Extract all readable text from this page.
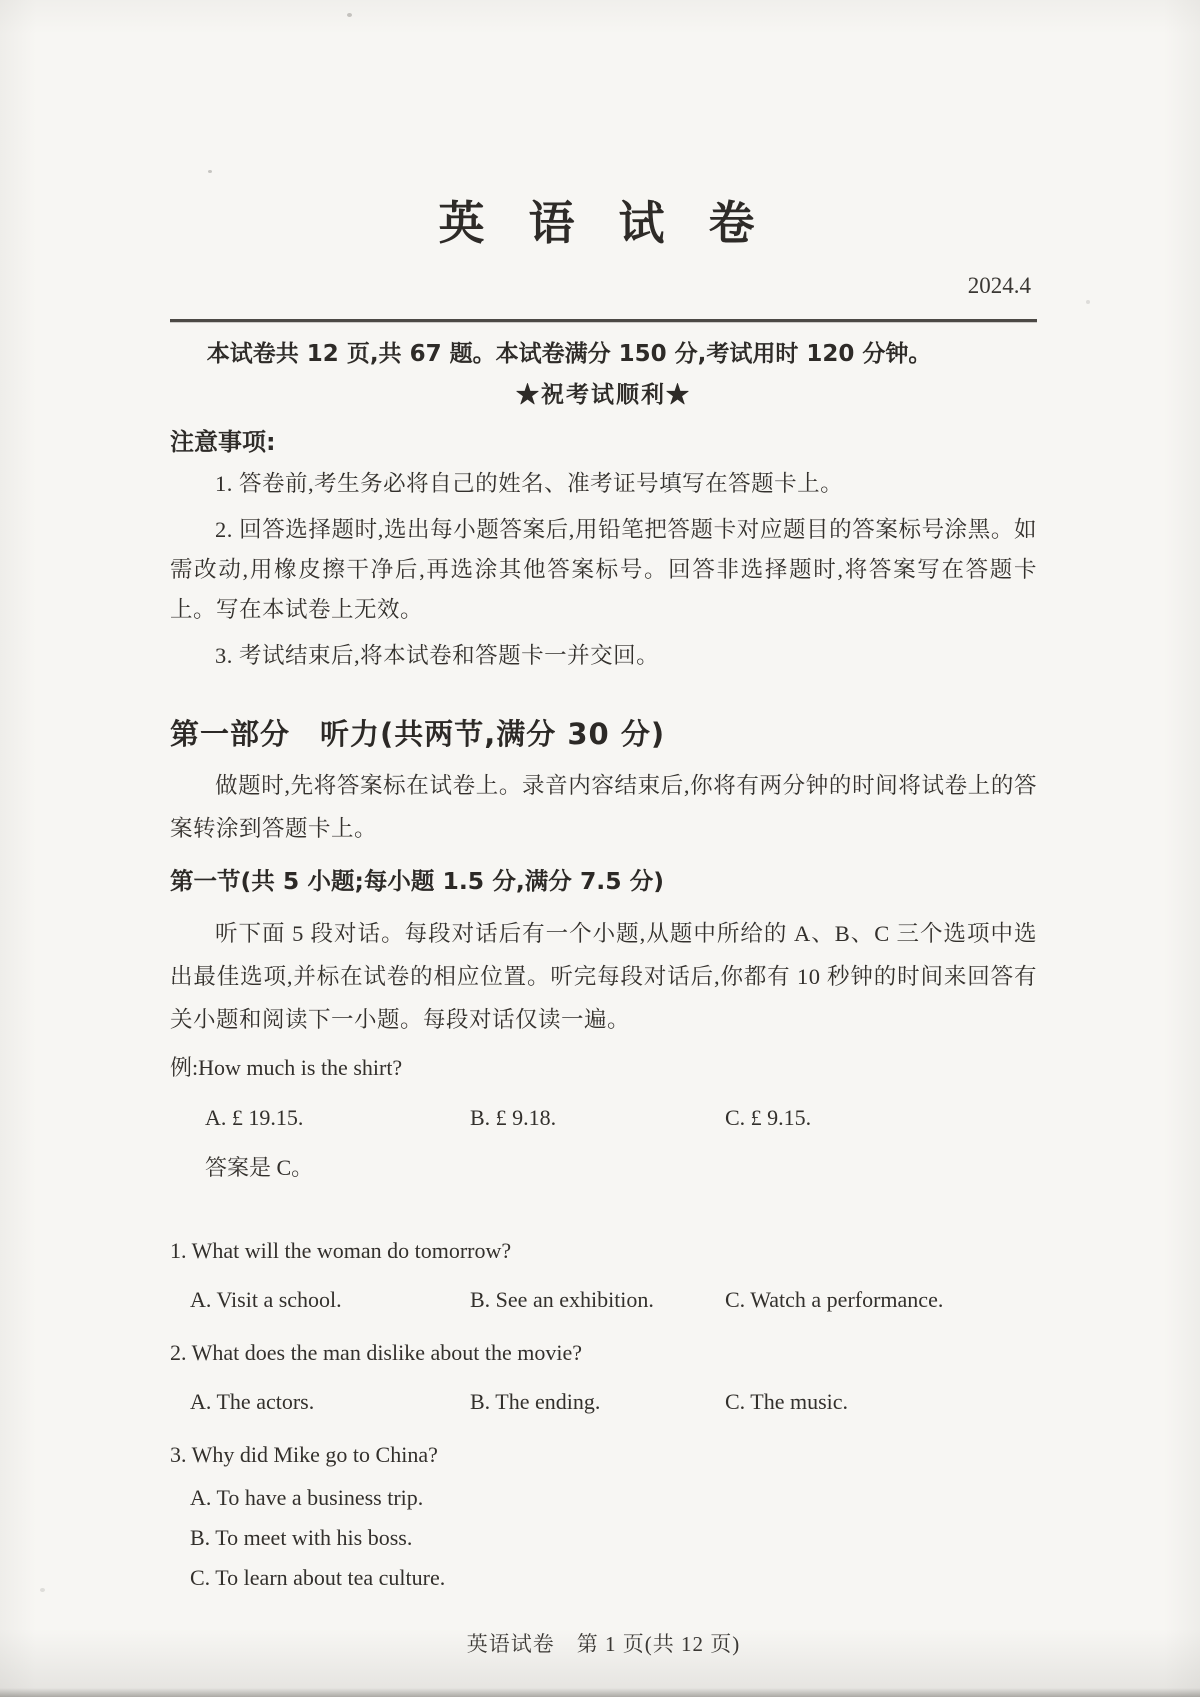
英 语 试 卷
2024.4

本试卷共 12 页,共 67 题。本试卷满分 150 分,考试用时 120 分钟。

★祝考试顺利★

注意事项:

1. 答卷前,考生务必将自己的姓名、准考证号填写在答题卡上。

2. 回答选择题时,选出每小题答案后,用铅笔把答题卡对应题目的答案标号涂黑。如需改动,用橡皮擦干净后,再选涂其他答案标号。回答非选择题时,将答案写在答题卡上。写在本试卷上无效。

3. 考试结束后,将本试卷和答题卡一并交回。

第一部分　听力(共两节,满分 30 分)

做题时,先将答案标在试卷上。录音内容结束后,你将有两分钟的时间将试卷上的答案转涂到答题卡上。

第一节(共 5 小题;每小题 1.5 分,满分 7.5 分)

听下面 5 段对话。每段对话后有一个小题,从题中所给的 A、B、C 三个选项中选出最佳选项,并标在试卷的相应位置。听完每段对话后,你都有 10 秒钟的时间来回答有关小题和阅读下一小题。每段对话仅读一遍。

例:How much is the shirt?

A. £ 19.15.	B. £ 9.18.	C. £ 9.15.

答案是 C。

1. What will the woman do tomorrow?

A. Visit a school.	B. See an exhibition.	C. Watch a performance.

2. What does the man dislike about the movie?

A. The actors.	B. The ending.	C. The music.

3. Why did Mike go to China?

A. To have a business trip.

B. To meet with his boss.

C. To learn about tea culture.

英语试卷　第 1 页(共 12 页)
